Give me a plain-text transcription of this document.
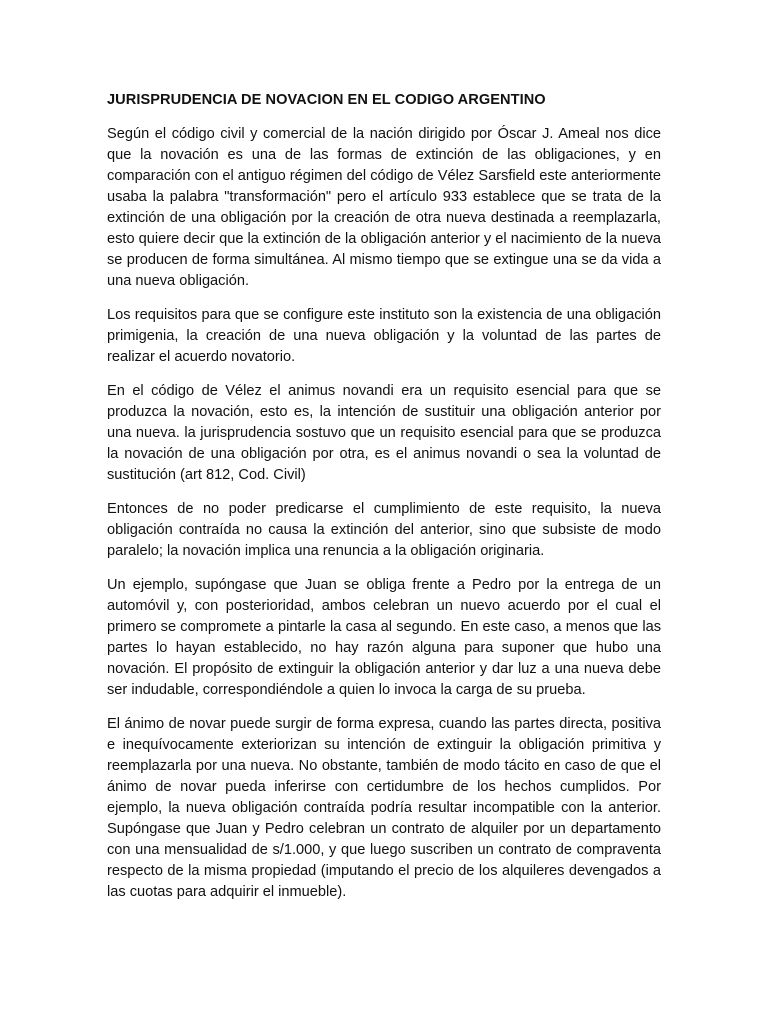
JURISPRUDENCIA DE NOVACION EN EL CODIGO ARGENTINO

Según el código civil y comercial de la nación dirigido por Óscar J. Ameal nos dice que la novación es una de las formas de extinción de las obligaciones, y en comparación con el antiguo régimen del código de Vélez Sarsfield este anteriormente usaba la palabra "transformación" pero el artículo 933 establece que se trata de la extinción de una obligación por la creación de otra nueva destinada a reemplazarla, esto quiere decir que la extinción de la obligación anterior y el nacimiento de la nueva se producen de forma simultánea. Al mismo tiempo que se extingue una se da vida a una nueva obligación.

Los requisitos para que se configure este instituto son la existencia de una obligación primigenia, la creación de una nueva obligación y la voluntad de las partes de realizar el acuerdo novatorio.

En el código de Vélez el animus novandi era un requisito esencial para que se produzca la novación, esto es, la intención de sustituir una obligación anterior por una nueva. la jurisprudencia sostuvo que un requisito esencial para que se produzca la novación de una obligación por otra, es el animus novandi o sea la voluntad de sustitución (art 812, Cod. Civil)

Entonces de no poder predicarse el cumplimiento de este requisito, la nueva obligación contraída no causa la extinción del anterior, sino que subsiste de modo paralelo; la novación implica una renuncia a la obligación originaria.

Un ejemplo, supóngase que Juan se obliga frente a Pedro por la entrega de un automóvil y, con posterioridad, ambos celebran un nuevo acuerdo por el cual el primero se compromete a pintarle la casa al segundo. En este caso, a menos que las partes lo hayan establecido, no hay razón alguna para suponer que hubo una novación. El propósito de extinguir la obligación anterior y dar luz a una nueva debe ser indudable, correspondiéndole a quien lo invoca la carga de su prueba.

El ánimo de novar puede surgir de forma expresa, cuando las partes directa, positiva e inequívocamente exteriorizan su intención de extinguir la obligación primitiva y reemplazarla por una nueva. No obstante, también de modo tácito en caso de que el ánimo de novar pueda inferirse con certidumbre de los hechos cumplidos. Por ejemplo, la nueva obligación contraída podría resultar incompatible con la anterior. Supóngase que Juan y Pedro celebran un contrato de alquiler por un departamento con una mensualidad de s/1.000, y que luego suscriben un contrato de compraventa respecto de la misma propiedad (imputando el precio de los alquileres devengados a las cuotas para adquirir el inmueble).
